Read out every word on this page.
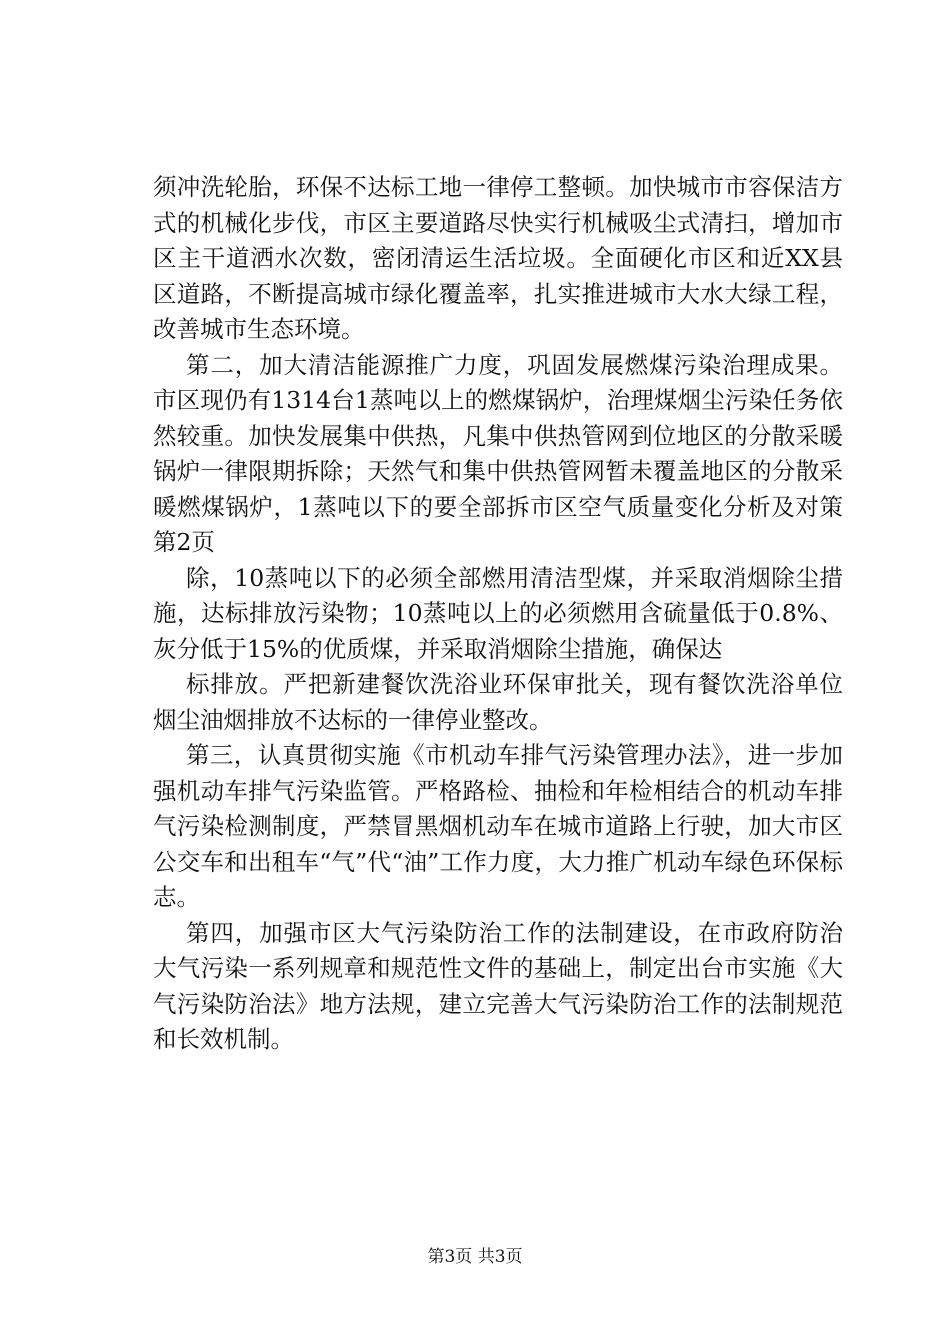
须冲洗轮胎，环保不达标工地一律停工整顿。加快城市市容保洁方式的机械化步伐，市区主要道路尽快实行机械吸尘式清扫，增加市区主干道洒水次数，密闭清运生活垃圾。全面硬化市区和近XX县区道路，不断提高城市绿化覆盖率，扎实推进城市大水大绿工程，改善城市生态环境。

第二，加大清洁能源推广力度，巩固发展燃煤污染治理成果。市区现仍有1314台1蒸吨以上的燃煤锅炉，治理煤烟尘污染任务依然较重。加快发展集中供热，凡集中供热管网到位地区的分散采暖锅炉一律限期拆除；天然气和集中供热管网暂未覆盖地区的分散采暖燃煤锅炉，1蒸吨以下的要全部拆市区空气质量变化分析及对策第2页

除，10蒸吨以下的必须全部燃用清洁型煤，并采取消烟除尘措施，达标排放污染物；10蒸吨以上的必须燃用含硫量低于0.8%、灰分低于15%的优质煤，并采取消烟除尘措施，确保达

标排放。严把新建餐饮洗浴业环保审批关，现有餐饮洗浴单位烟尘油烟排放不达标的一律停业整改。

第三，认真贯彻实施《市机动车排气污染管理办法》，进一步加强机动车排气污染监管。严格路检、抽检和年检相结合的机动车排气污染检测制度，严禁冒黑烟机动车在城市道路上行驶，加大市区公交车和出租车“气”代“油”工作力度，大力推广机动车绿色环保标志。

第四，加强市区大气污染防治工作的法制建设，在市政府防治大气污染一系列规章和规范性文件的基础上，制定出台市实施《大气污染防治法》地方法规，建立完善大气污染防治工作的法制规范和长效机制。

第3页 共3页
